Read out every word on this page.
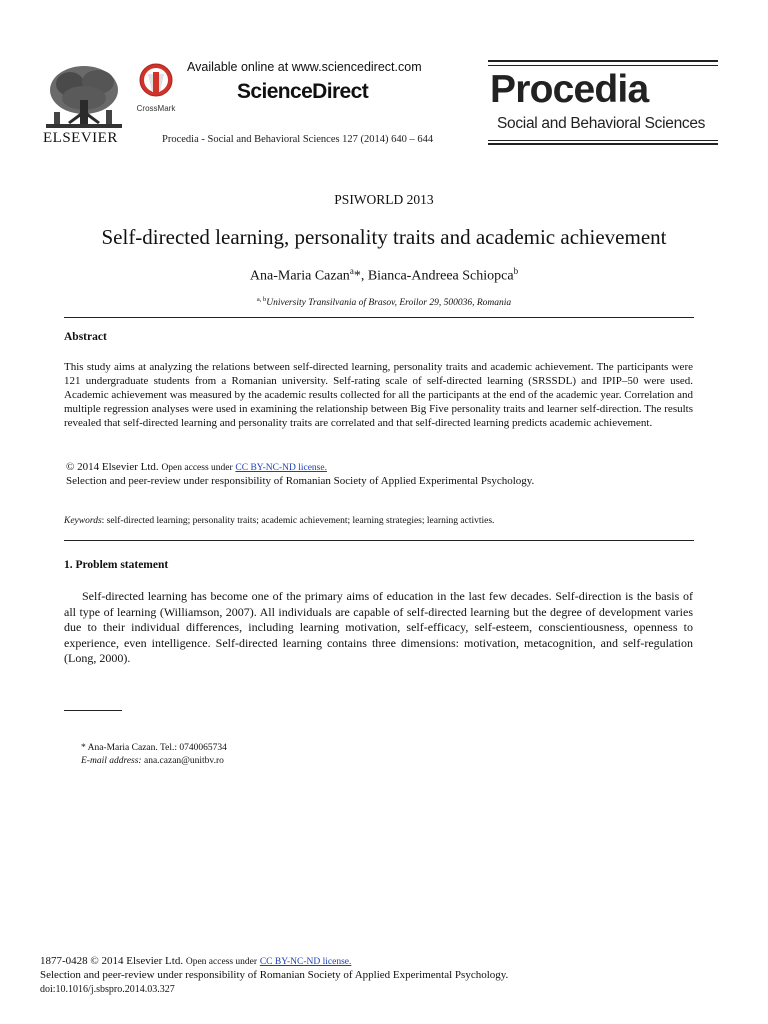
ELSEVIER
CrossMark
Available online at www.sciencedirect.com
ScienceDirect
Procedia - Social and Behavioral Sciences 127 (2014) 640 – 644
Procedia
Social and Behavioral Sciences
PSIWORLD 2013
Self-directed learning, personality traits and academic achievement
Ana-Maria Cazan$^a$*, Bianca-Andreea Schiopca$^b$
$^{a, b}$University Transilvania of Brasov, Eroilor 29, 500036, Romania
Abstract
This study aims at analyzing the relations between self-directed learning, personality traits and academic achievement. The participants were 121 undergraduate students from a Romanian university. Self-rating scale of self-directed learning (SRSSDL) and IPIP–50 were used. Academic achievement was measured by the academic results collected for all the participants at the end of the academic year. Correlation and multiple regression analyses were used in examining the relationship between Big Five personality traits and learner self-direction. The results revealed that self-directed learning and personality traits are correlated and that self-directed learning predicts academic achievement.
© 2014 Elsevier Ltd. Open access under CC BY-NC-ND license.
Selection and peer-review under responsibility of Romanian Society of Applied Experimental Psychology.
Keywords: self-directed learning; personality traits; academic achievement; learning strategies; learning activties.
1. Problem statement
Self-directed learning has become one of the primary aims of education in the last few decades. Self-direction is the basis of all type of learning (Williamson, 2007). All individuals are capable of self-directed learning but the degree of development varies due to their individual differences, including learning motivation, self-efficacy, self-esteem, conscientiousness, openness to experience, even intelligence. Self-directed learning contains three dimensions: motivation, metacognition, and self-regulation (Long, 2000).
* Ana-Maria Cazan. Tel.: 0740065734
E-mail address: ana.cazan@unitbv.ro
1877-0428 © 2014 Elsevier Ltd. Open access under CC BY-NC-ND license.
Selection and peer-review under responsibility of Romanian Society of Applied Experimental Psychology.
doi:10.1016/j.sbspro.2014.03.327
